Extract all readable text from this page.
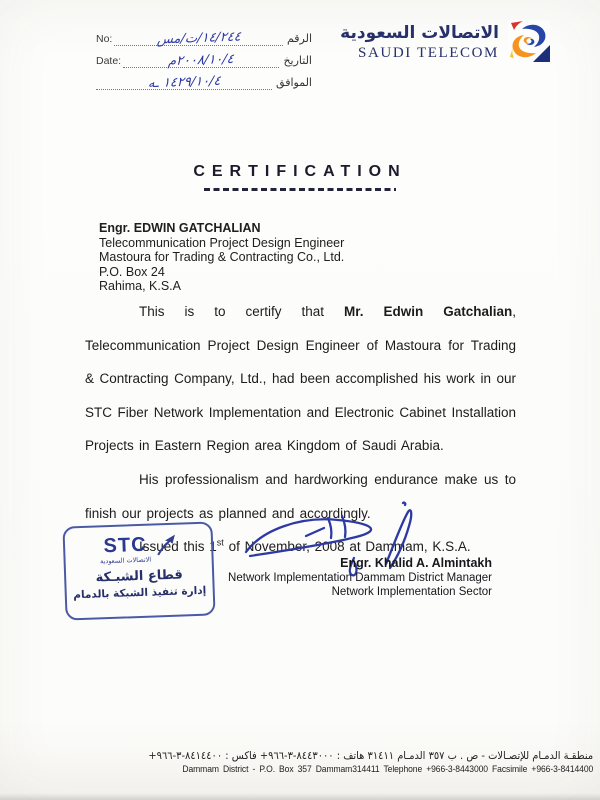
No:	سم/ت/١٤/٢٤٤	الرقم
Date:	م٢٠٠٨/١٠/٤	التاريخ
هـ ١٤٢٩/١٠/٤	الموافق
الاتصالات السعودية
SAUDI TELECOM
CERTIFICATION
Engr. EDWIN GATCHALIAN
Telecommunication Project Design Engineer
Mastoura for Trading & Contracting Co., Ltd.
P.O. Box 24
Rahima, K.S.A

This is to certify that Mr. Edwin Gatchalian, Telecommunication Project Design Engineer of Mastoura for Trading & Contracting Company, Ltd., had been accomplished his work in our STC Fiber Network Implementation and Electronic Cabinet Installation Projects in Eastern Region area Kingdom of Saudi Arabia.

His professionalism and hardworking endurance make us to finish our projects as planned and accordingly.

Issued this 1st of November, 2008 at Dammam, K.S.A.

STC
الاتصالات السعودية
قطاع الشبـكة
إدارة تنفيذ الشبكة بالدمام
Engr. Khalid A. Almintakh
Network Implementation Dammam District Manager
Network Implementation Sector
منطقـة الدمـام للإتصـالات - ص . ب ٣٥٧ الدمـام ٣١٤١١ هاتف : ٨٤٤٣٠٠٠-٣-٩٦٦+ فاكس : ٨٤١٤٤٠٠-٣-٩٦٦+
Dammam District - P.O. Box 357 Dammam314411 Telephone +966-3-8443000 Facsimile +966-3-8414400
